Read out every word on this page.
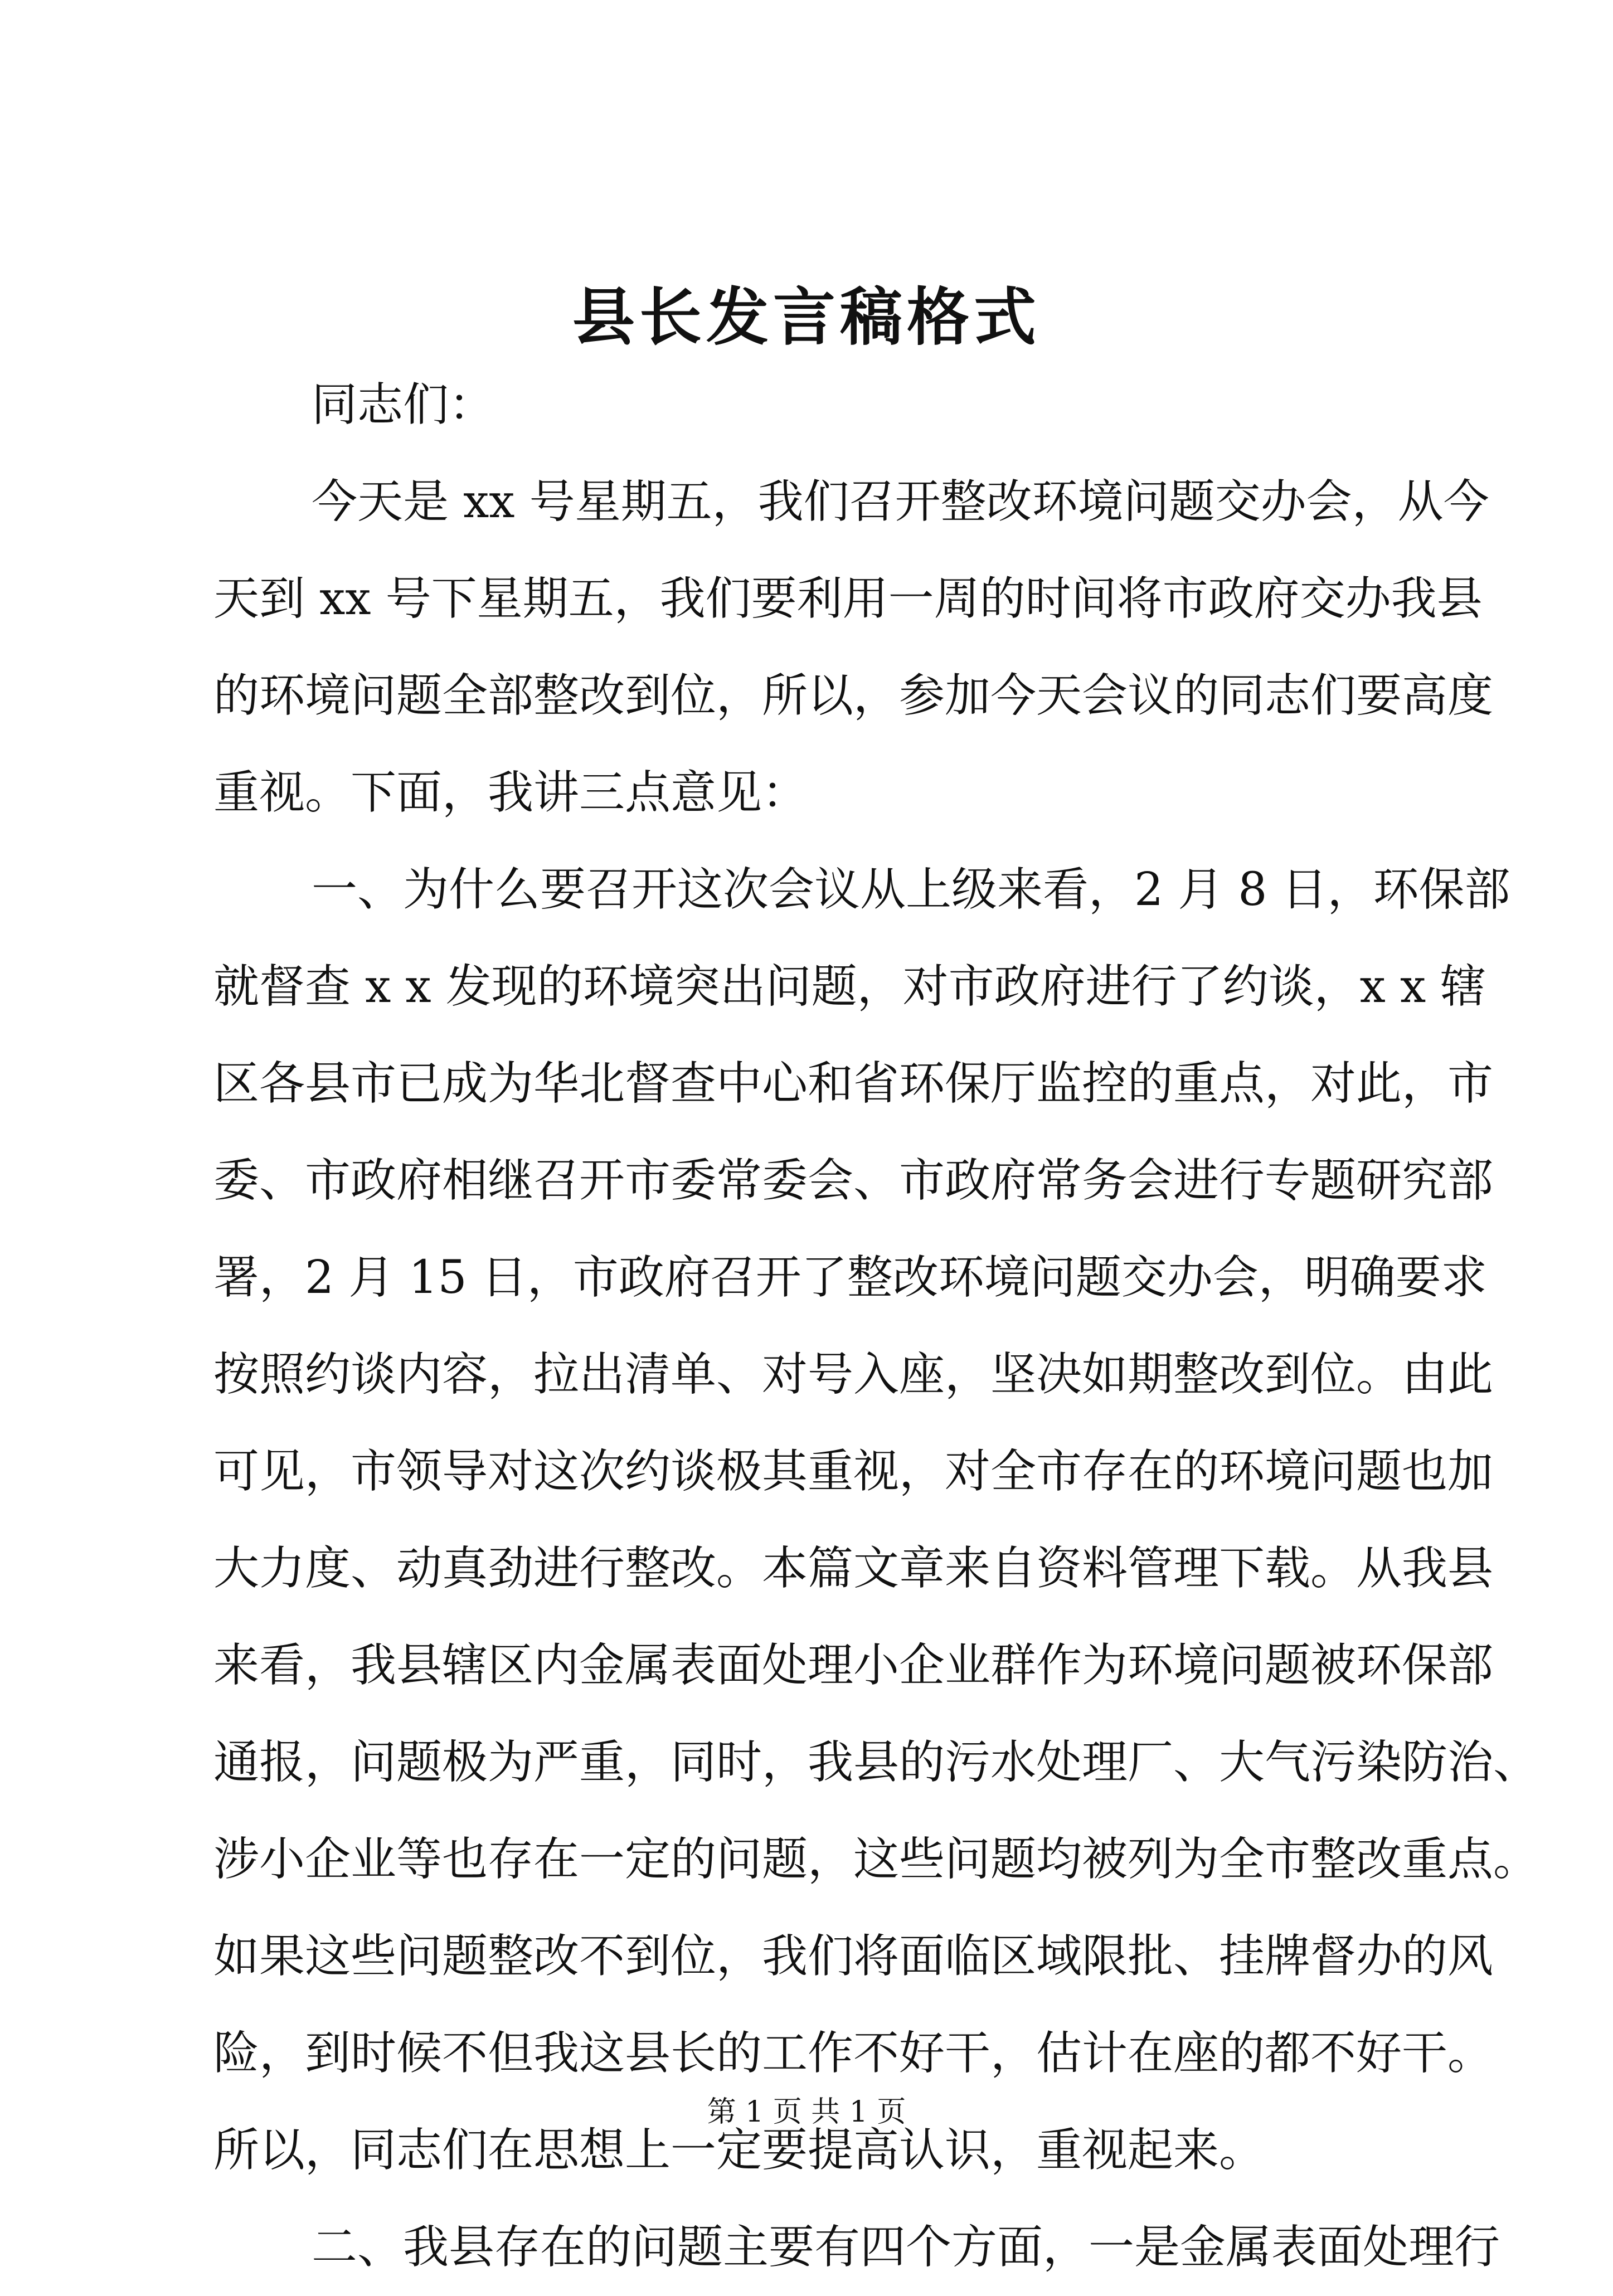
县长发言稿格式
同志们：
今天是 xx 号星期五，我们召开整改环境问题交办会，从今
天到 xx 号下星期五，我们要利用一周的时间将市政府交办我县
的环境问题全部整改到位，所以，参加今天会议的同志们要高度
重视。下面，我讲三点意见：
一、为什么要召开这次会议从上级来看，2 月 8 日，环保部
就督查 x x 发现的环境突出问题，对市政府进行了约谈，x x 辖
区各县市已成为华北督查中心和省环保厅监控的重点，对此，市
委、市政府相继召开市委常委会、市政府常务会进行专题研究部
署，2 月 15 日，市政府召开了整改环境问题交办会，明确要求
按照约谈内容，拉出清单、对号入座，坚决如期整改到位。由此
可见，市领导对这次约谈极其重视，对全市存在的环境问题也加
大力度、动真劲进行整改。本篇文章来自资料管理下载。从我县
来看，我县辖区内金属表面处理小企业群作为环境问题被环保部
通报，问题极为严重，同时，我县的污水处理厂、大气污染防治、
涉小企业等也存在一定的问题，这些问题均被列为全市整改重点。
如果这些问题整改不到位，我们将面临区域限批、挂牌督办的风
险，到时候不但我这县长的工作不好干，估计在座的都不好干。
所以，同志们在思想上一定要提高认识，重视起来。
二、我县存在的问题主要有四个方面，一是金属表面处理行
第 1 页 共 1 页
